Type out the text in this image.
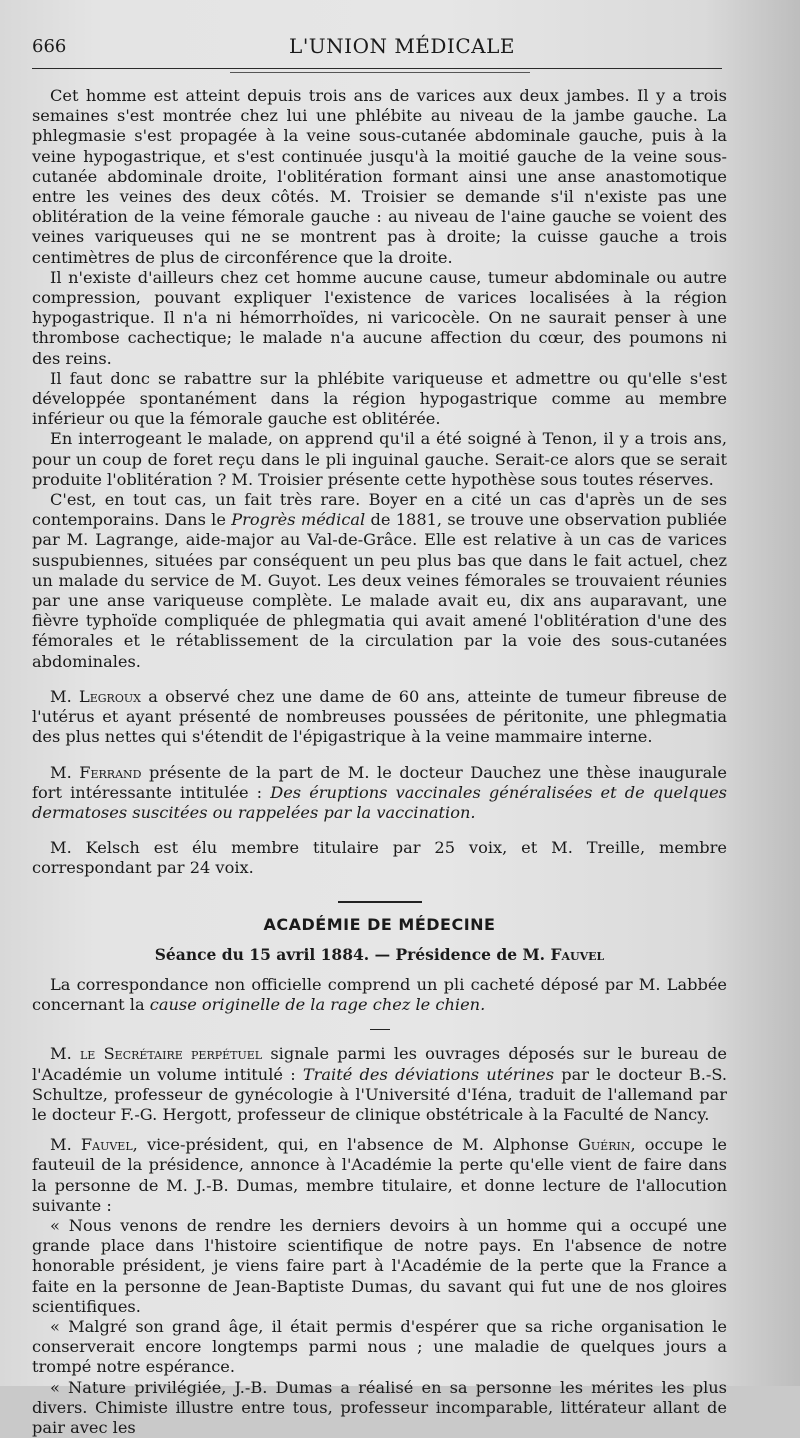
666	L'UNION MÉDICALE

Cet homme est atteint depuis trois ans de varices aux deux jambes. Il y a trois semaines s'est montrée chez lui une phlébite au niveau de la jambe gauche. La phlegmasie s'est propagée à la veine sous-cutanée abdominale gauche, puis à la veine hypogastrique, et s'est continuée jusqu'à la moitié gauche de la veine sous-cutanée abdominale droite, l'oblitération formant ainsi une anse anastomotique entre les veines des deux côtés. M. Troisier se demande s'il n'existe pas une oblitération de la veine fémorale gauche : au niveau de l'aine gauche se voient des veines variqueuses qui ne se montrent pas à droite; la cuisse gauche a trois centimètres de plus de circonférence que la droite.

Il n'existe d'ailleurs chez cet homme aucune cause, tumeur abdominale ou autre compression, pouvant expliquer l'existence de varices localisées à la région hypogastrique. Il n'a ni hémorrhoïdes, ni varicocèle. On ne saurait penser à une thrombose cachectique; le malade n'a aucune affection du cœur, des poumons ni des reins.

Il faut donc se rabattre sur la phlébite variqueuse et admettre ou qu'elle s'est développée spontanément dans la région hypogastrique comme au membre inférieur ou que la fémorale gauche est oblitérée.

En interrogeant le malade, on apprend qu'il a été soigné à Tenon, il y a trois ans, pour un coup de foret reçu dans le pli inguinal gauche. Serait-ce alors que se serait produite l'oblitération ? M. Troisier présente cette hypothèse sous toutes réserves.

C'est, en tout cas, un fait très rare. Boyer en a cité un cas d'après un de ses contemporains. Dans le Progrès médical de 1881, se trouve une observation publiée par M. Lagrange, aide-major au Val-de-Grâce. Elle est relative à un cas de varices suspubiennes, situées par conséquent un peu plus bas que dans le fait actuel, chez un malade du service de M. Guyot. Les deux veines fémorales se trouvaient réunies par une anse variqueuse complète. Le malade avait eu, dix ans auparavant, une fièvre typhoïde compliquée de phlegmatia qui avait amené l'oblitération d'une des fémorales et le rétablissement de la circulation par la voie des sous-cutanées abdominales.

M. Legroux a observé chez une dame de 60 ans, atteinte de tumeur fibreuse de l'utérus et ayant présenté de nombreuses poussées de péritonite, une phlegmatia des plus nettes qui s'étendit de l'épigastrique à la veine mammaire interne.

M. Ferrand présente de la part de M. le docteur Dauchez une thèse inaugurale fort intéressante intitulée : Des éruptions vaccinales généralisées et de quelques dermatoses suscitées ou rappelées par la vaccination.

M. Kelsch est élu membre titulaire par 25 voix, et M. Treille, membre correspondant par 24 voix.

ACADÉMIE DE MÉDECINE
Séance du 15 avril 1884. — Présidence de M. Fauvel

La correspondance non officielle comprend un pli cacheté déposé par M. Labbée concernant la cause originelle de la rage chez le chien.

M. le Secrétaire perpétuel signale parmi les ouvrages déposés sur le bureau de l'Académie un volume intitulé : Traité des déviations utérines par le docteur B.-S. Schultze, professeur de gynécologie à l'Université d'Iéna, traduit de l'allemand par le docteur F.-G. Hergott, professeur de clinique obstétricale à la Faculté de Nancy.

M. Fauvel, vice-président, qui, en l'absence de M. Alphonse Guérin, occupe le fauteuil de la présidence, annonce à l'Académie la perte qu'elle vient de faire dans la personne de M. J.-B. Dumas, membre titulaire, et donne lecture de l'allocution suivante :

« Nous venons de rendre les derniers devoirs à un homme qui a occupé une grande place dans l'histoire scientifique de notre pays. En l'absence de notre honorable président, je viens faire part à l'Académie de la perte que la France a faite en la personne de Jean-Baptiste Dumas, du savant qui fut une de nos gloires scientifiques.

« Malgré son grand âge, il était permis d'espérer que sa riche organisation le conserverait encore longtemps parmi nous ; une maladie de quelques jours a trompé notre espérance.

« Nature privilégiée, J.-B. Dumas a réalisé en sa personne les mérites les plus divers. Chimiste illustre entre tous, professeur incomparable, littérateur allant de pair avec les
